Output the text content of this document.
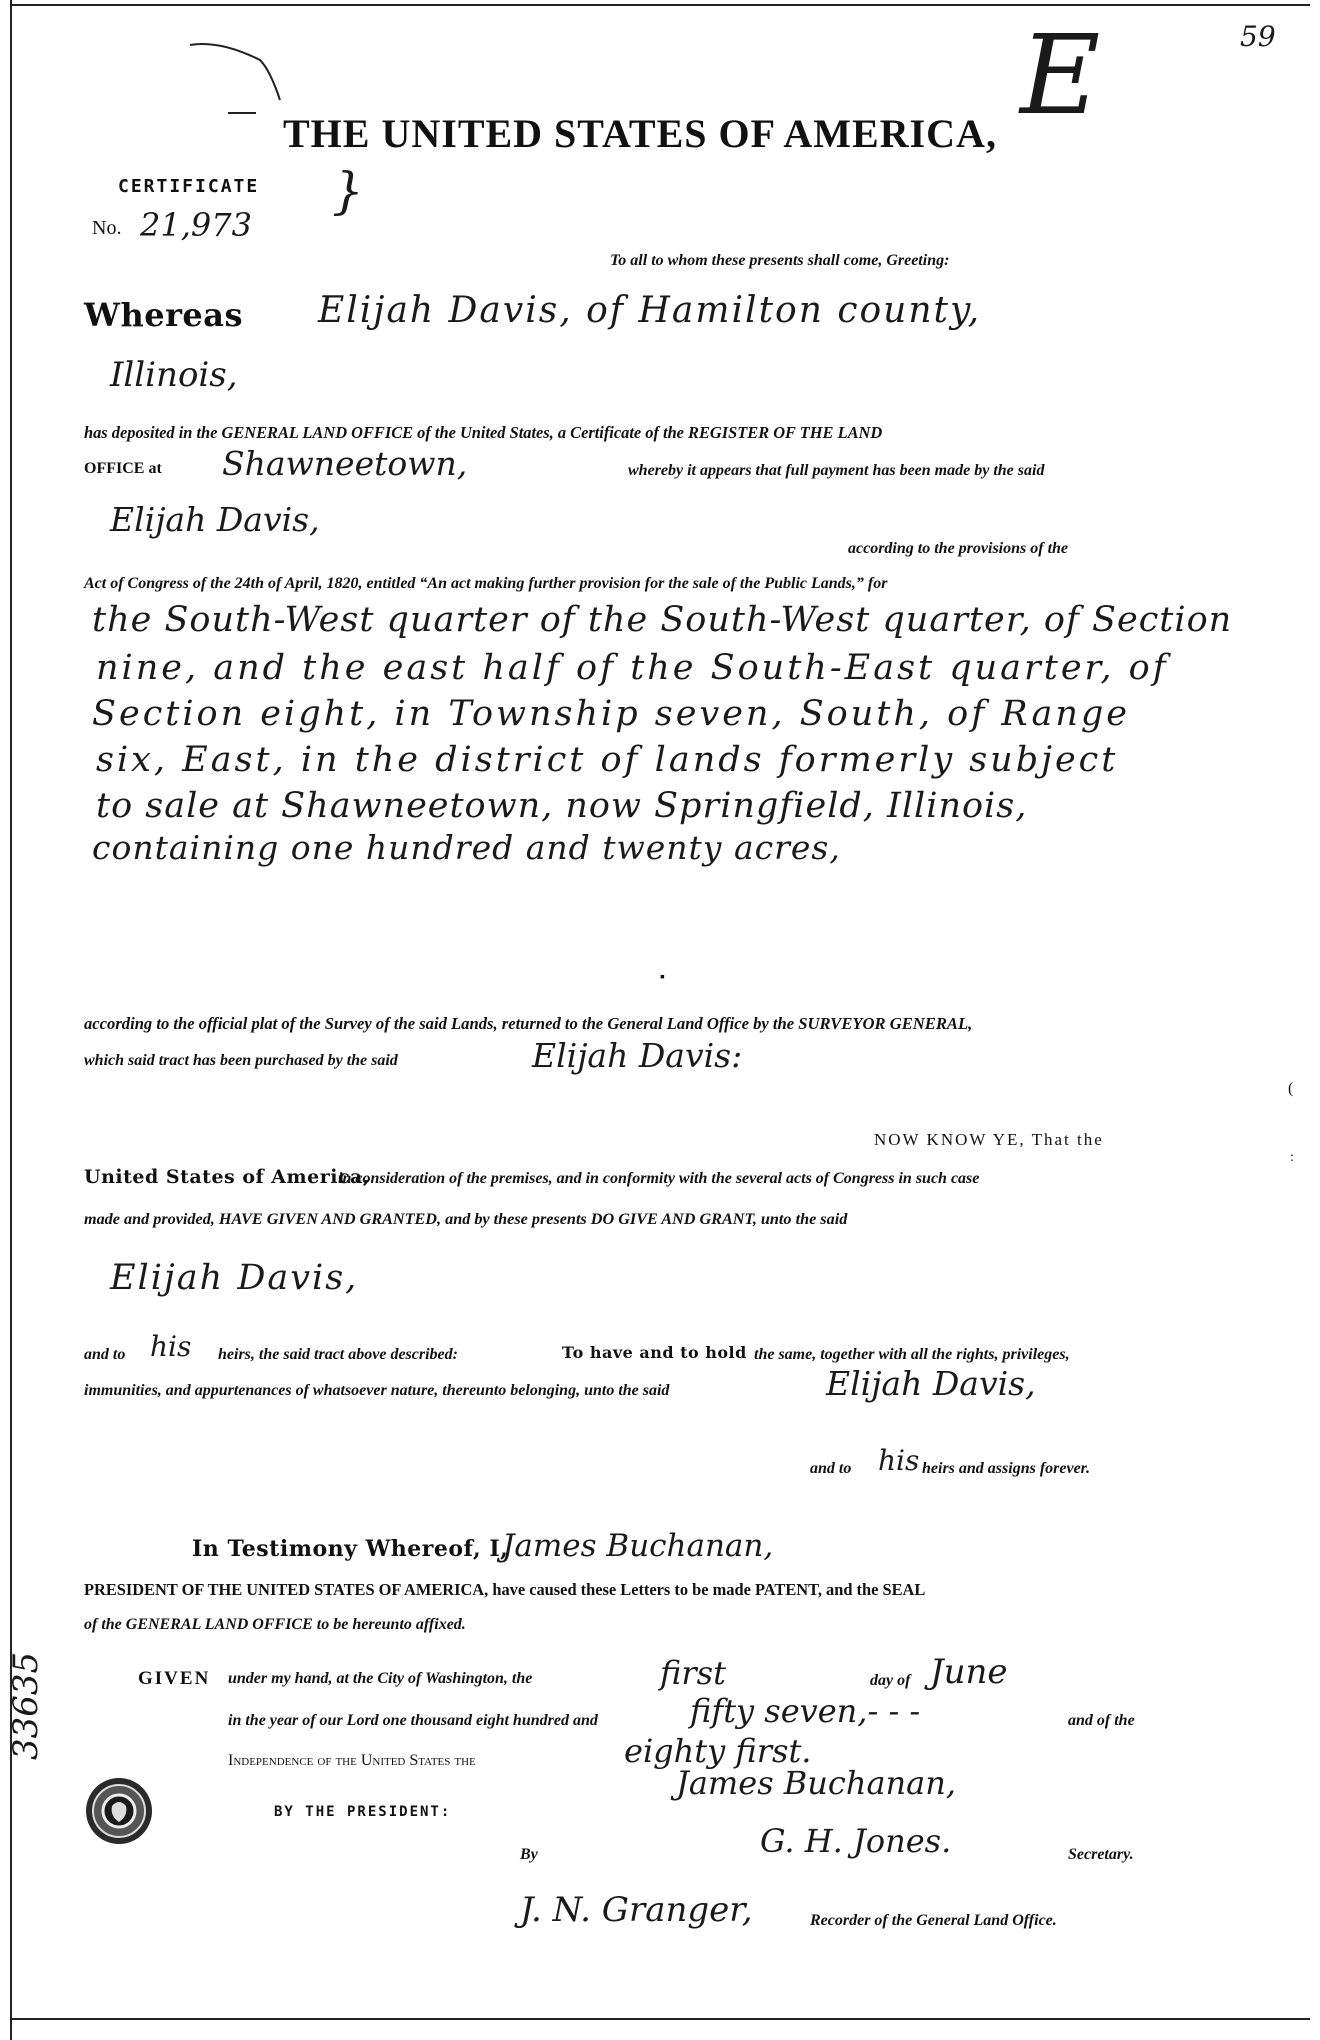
59
E
THE UNITED STATES OF AMERICA,
CERTIFICATE }
No. 21,973
To all to whom these presents shall come, Greeting:
Whereas Elijah Davis, of Hamilton county,
Illinois,
has deposited in the GENERAL LAND OFFICE of the United States, a Certificate of the REGISTER OF THE LAND
OFFICE at Shawneetown,	whereby it appears that full payment has been made by the said
Elijah Davis,
according to the provisions of the
Act of Congress of the 24th of April, 1820, entitled “An act making further provision for the sale of the Public Lands,” for
the South-West quarter of the South-West quarter, of Section
nine, and the east half of the South-East quarter, of
Section eight, in Township seven, South, of Range
six, East, in the district of lands formerly subject
to sale at Shawneetown, now Springfield, Illinois,
containing one hundred and twenty acres,
according to the official plat of the Survey of the said Lands, returned to the General Land Office by the SURVEYOR GENERAL,
which said tract has been purchased by the said	Elijah Davis:
NOW KNOW YE, That the
United States of America,
in consideration of the premises, and in conformity with the several acts of Congress in such case
made and provided, HAVE GIVEN AND GRANTED, and by these presents DO GIVE AND GRANT, unto the said
Elijah Davis,
and to his heirs, the said tract above described:	To have and to hold the same, together with all the rights, privileges,
immunities, and appurtenances of whatsoever nature, thereunto belonging, unto the said	Elijah Davis,
and to his heirs and assigns forever.
In Testimony Whereof, I,
James Buchanan,
PRESIDENT OF THE UNITED STATES OF AMERICA, have caused these Letters to be made PATENT, and the SEAL
of the GENERAL LAND OFFICE to be hereunto affixed.
GIVEN under my hand, at the City of Washington, the	first	day of June
in the year of our Lord one thousand eight hundred and	fifty seven,- - -	and of the
Independence of the United States the	eighty first.
BY THE PRESIDENT:
James Buchanan,
By	G. H. Jones.	Secretary.
J. N. Granger,	Recorder of the General Land Office.
33635
▪
(
:
